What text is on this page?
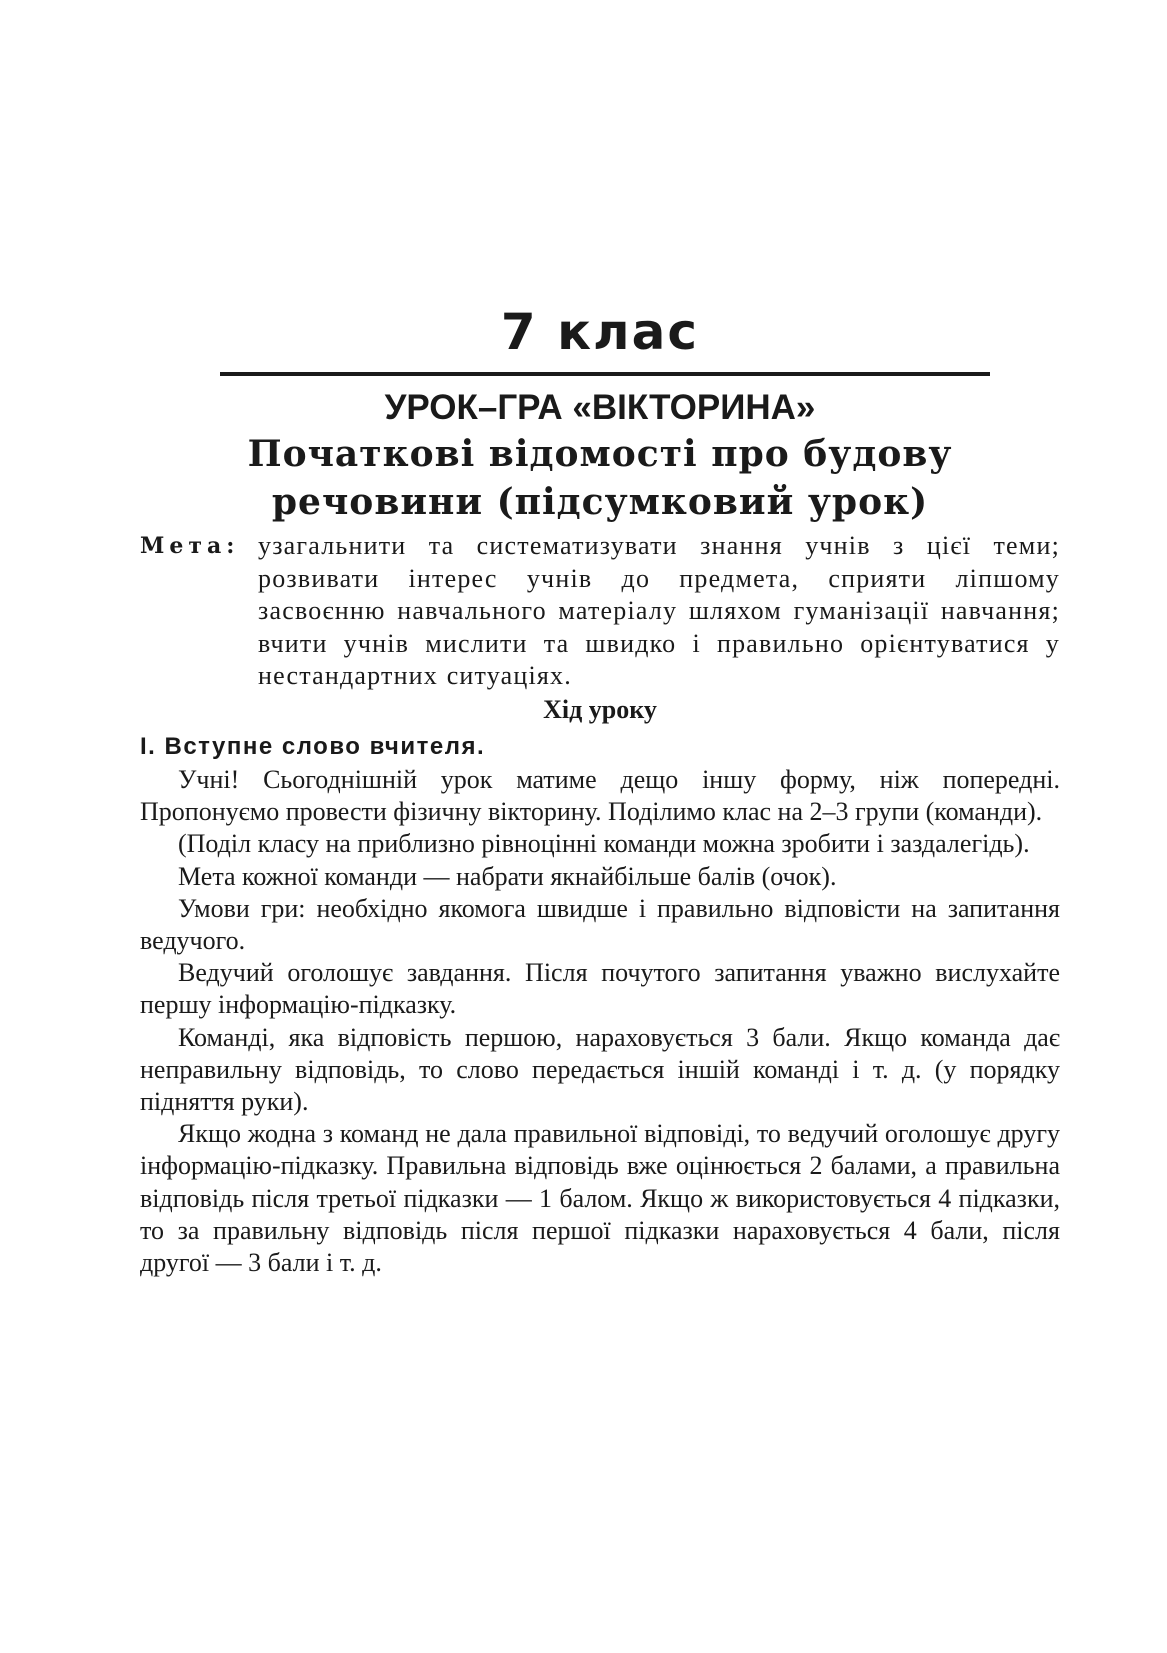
7 клас
УРОК–ГРА «ВІКТОРИНА»
Початкові відомості про будову
речовини (підсумковий урок)
Мета: узагальнити та систематизувати знання учнів з цієї теми; розвивати інтерес учнів до предмета, сприяти ліпшому засвоєнню навчального матеріалу шляхом гуманізації навчання; вчити учнів мислити та швидко і правильно орієнтуватися у нестандартних ситуаціях.
Хід уроку
I. Вступне слово вчителя.

Учні! Сьогоднішній урок матиме дещо іншу форму, ніж попередні. Пропонуємо провести фізичну вікторину. Поділимо клас на 2–3 групи (команди).

(Поділ класу на приблизно рівноцінні команди можна зробити і заздалегідь).

Мета кожної команди — набрати якнайбільше балів (очок).

Умови гри: необхідно якомога швидше і правильно відповісти на запитання ведучого.

Ведучий оголошує завдання. Після почутого запитання уважно вислухайте першу інформацію-підказку.

Команді, яка відповість першою, нараховується 3 бали. Якщо команда дає неправильну відповідь, то слово передається іншій команді і т. д. (у порядку підняття руки).

Якщо жодна з команд не дала правильної відповіді, то ведучий оголошує другу інформацію-підказку. Правильна відповідь вже оцінюється 2 балами, а правильна відповідь після третьої підказки — 1 балом. Якщо ж використовується 4 підказки, то за правильну відповідь після першої підказки нараховується 4 бали, після другої — 3 бали і т. д.
